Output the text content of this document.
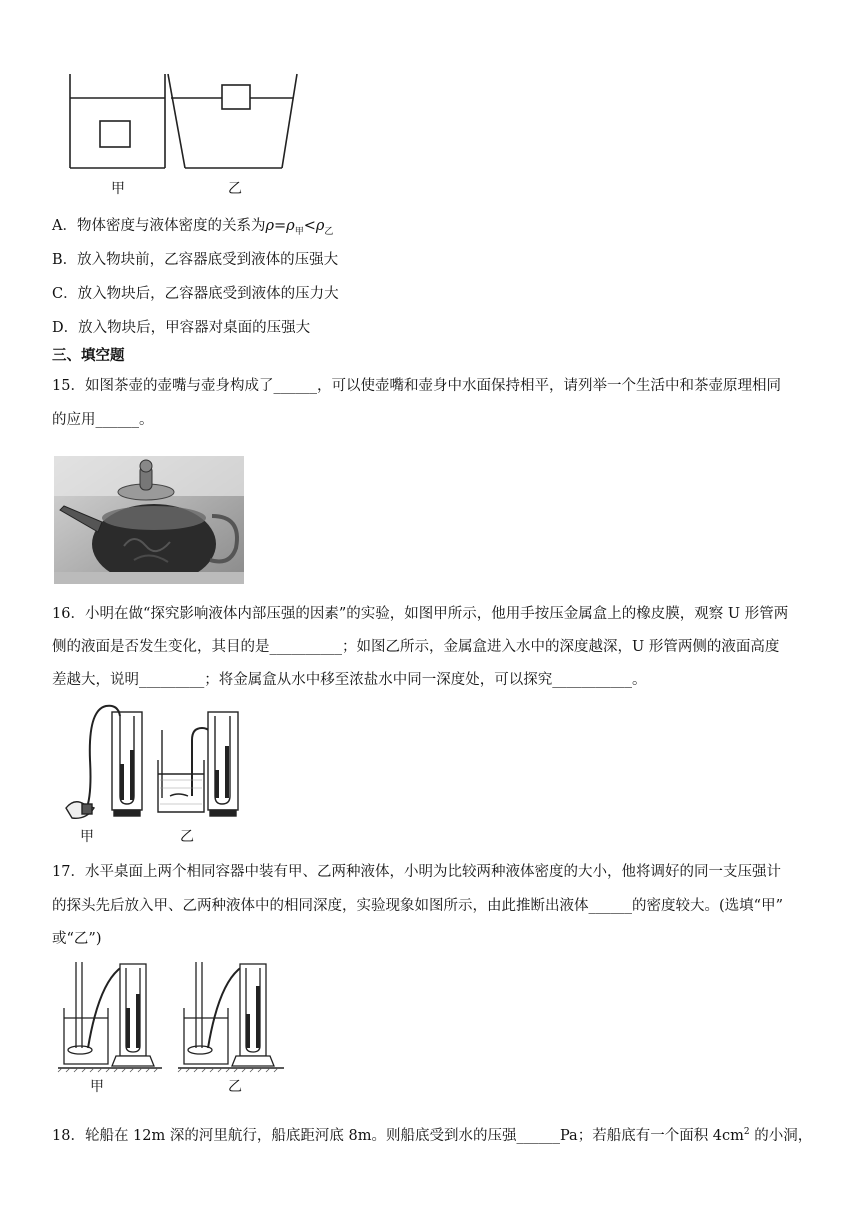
甲	乙
A．物体密度与液体密度的关系为$\rho=\rho_甲<\rho_乙$
B．放入物块前，乙容器底受到液体的压强大
C．放入物块后，乙容器底受到液体的压力大
D．放入物块后，甲容器对桌面的压强大
三、填空题
15．如图茶壶的壶嘴与壶身构成了______，可以使壶嘴和壶身中水面保持相平，请列举一个生活中和茶壶原理相同
的应用______。
16．小明在做“探究影响液体内部压强的因素”的实验，如图甲所示，他用手按压金属盒上的橡皮膜，观察 U 形管两
侧的液面是否发生变化，其目的是__________；如图乙所示，金属盒进入水中的深度越深，U 形管两侧的液面高度
差越大，说明_________；将金属盒从水中移至浓盐水中同一深度处，可以探究___________。
甲	乙
17．水平桌面上两个相同容器中装有甲、乙两种液体，小明为比较两种液体密度的大小，他将调好的同一支压强计
的探头先后放入甲、乙两种液体中的相同深度，实验现象如图所示，由此推断出液体______的密度较大。(选填“甲”
或“乙”)
甲	乙
18．轮船在 12m 深的河里航行，船底距河底 8m。则船底受到水的压强______Pa；若船底有一个面积 $4cm^2$ 的小洞，
